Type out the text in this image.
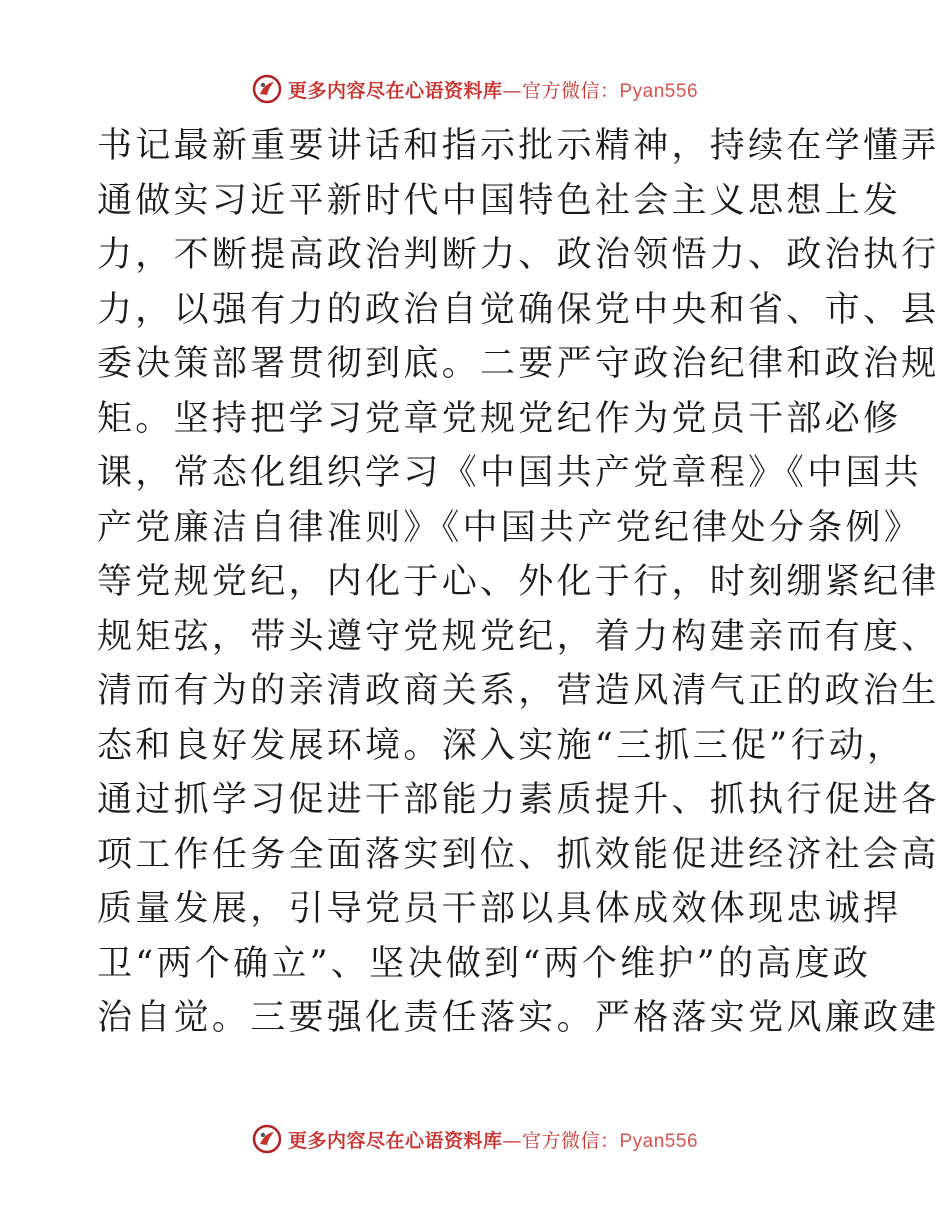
更多内容尽在心语资料库—官方微信：Pyan556
书记最新重要讲话和指示批示精神，持续在学懂弄
通做实习近平新时代中国特色社会主义思想上发
力，不断提高政治判断力、政治领悟力、政治执行
力，以强有力的政治自觉确保党中央和省、市、县
委决策部署贯彻到底。二要严守政治纪律和政治规
矩。坚持把学习党章党规党纪作为党员干部必修
课，常态化组织学习《中国共产党章程》《中国共
产党廉洁自律准则》《中国共产党纪律处分条例》
等党规党纪，内化于心、外化于行，时刻绷紧纪律
规矩弦，带头遵守党规党纪，着力构建亲而有度、
清而有为的亲清政商关系，营造风清气正的政治生
态和良好发展环境。深入实施“三抓三促”行动，
通过抓学习促进干部能力素质提升、抓执行促进各
项工作任务全面落实到位、抓效能促进经济社会高
质量发展，引导党员干部以具体成效体现忠诚捍
卫“两个确立”、坚决做到“两个维护”的高度政
治自觉。三要强化责任落实。严格落实党风廉政建
更多内容尽在心语资料库—官方微信：Pyan556
